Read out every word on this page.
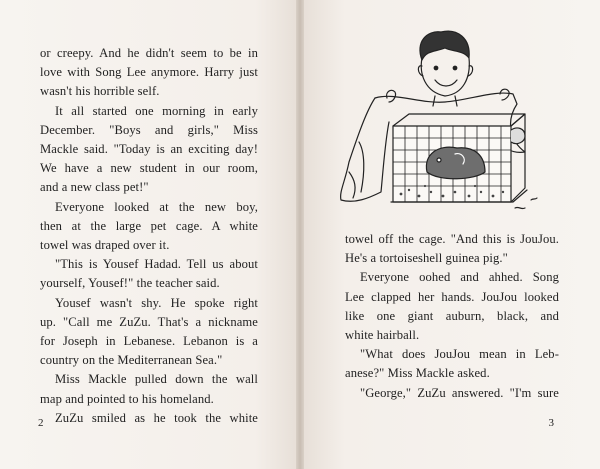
or creepy. And he didn't seem to be in
love with Song Lee anymore. Harry just
wasn't his horrible self.
It all started one morning in early
December. "Boys and girls," Miss
Mackle said. "Today is an exciting day!
We have a new student in our room,
and a new class pet!"
Everyone looked at the new boy,
then at the large pet cage. A white
towel was draped over it.
"This is Yousef Hadad. Tell us about
yourself, Yousef!" the teacher said.
Yousef wasn't shy. He spoke right
up. "Call me ZuZu. That's a nickname
for Joseph in Lebanese. Lebanon is a
country on the Mediterranean Sea."
Miss Mackle pulled down the wall
map and pointed to his homeland.
ZuZu smiled as he took the white
2
towel off the cage. "And this is JouJou.
He's a tortoiseshell guinea pig."
Everyone oohed and ahhed. Song
Lee clapped her hands. JouJou looked
like one giant auburn, black, and
white hairball.
"What does JouJou mean in Leb-
anese?" Miss Mackle asked.
"George," ZuZu answered. "I'm sure
3
